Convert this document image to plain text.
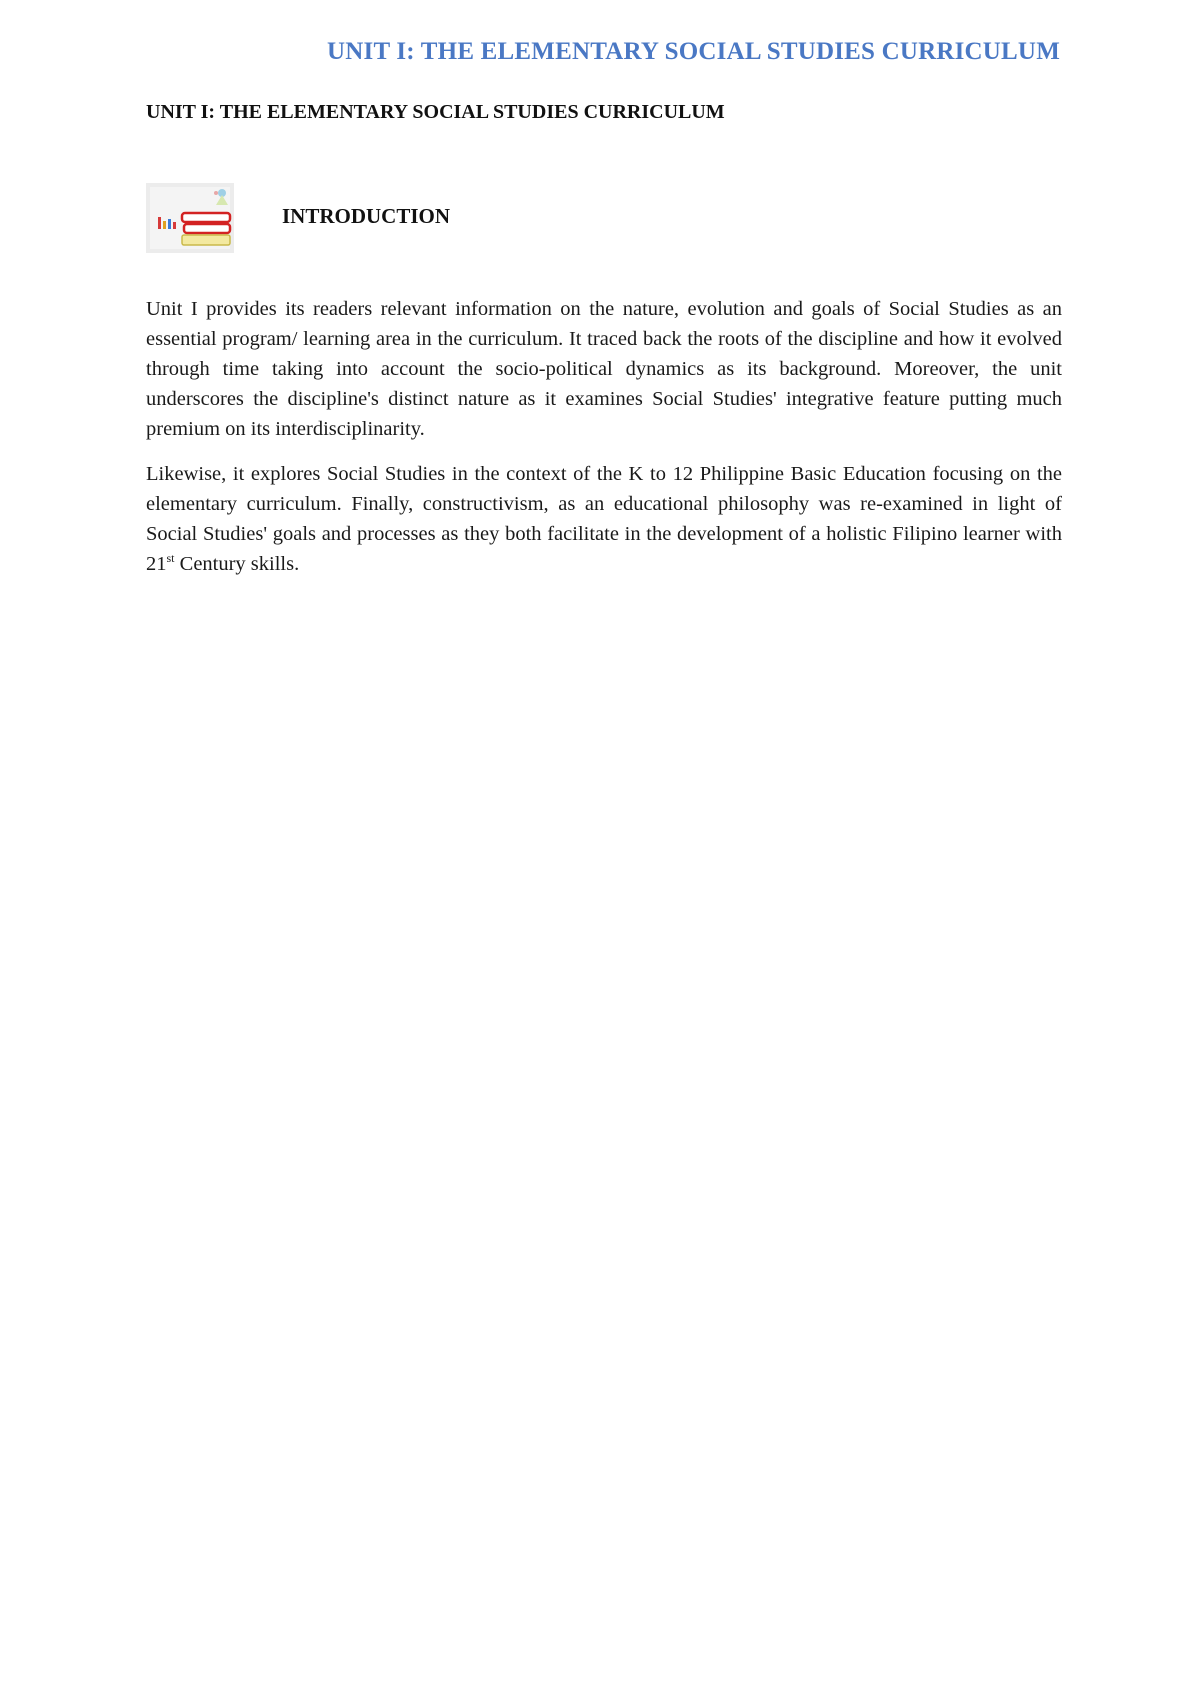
UNIT I: THE ELEMENTARY SOCIAL STUDIES CURRICULUM
UNIT I: THE ELEMENTARY SOCIAL STUDIES CURRICULUM
INTRODUCTION

Unit I provides its readers relevant information on the nature, evolution and goals of Social Studies as an essential program/ learning area in the curriculum. It traced back the roots of the discipline and how it evolved through time taking into account the socio-political dynamics as its background. Moreover, the unit underscores the discipline's distinct nature as it examines Social Studies' integrative feature putting much premium on its interdisciplinarity.

Likewise, it explores Social Studies in the context of the K to 12 Philippine Basic Education focusing on the elementary curriculum. Finally, constructivism, as an educational philosophy was re-examined in light of Social Studies' goals and processes as they both facilitate in the development of a holistic Filipino learner with 21st Century skills.
